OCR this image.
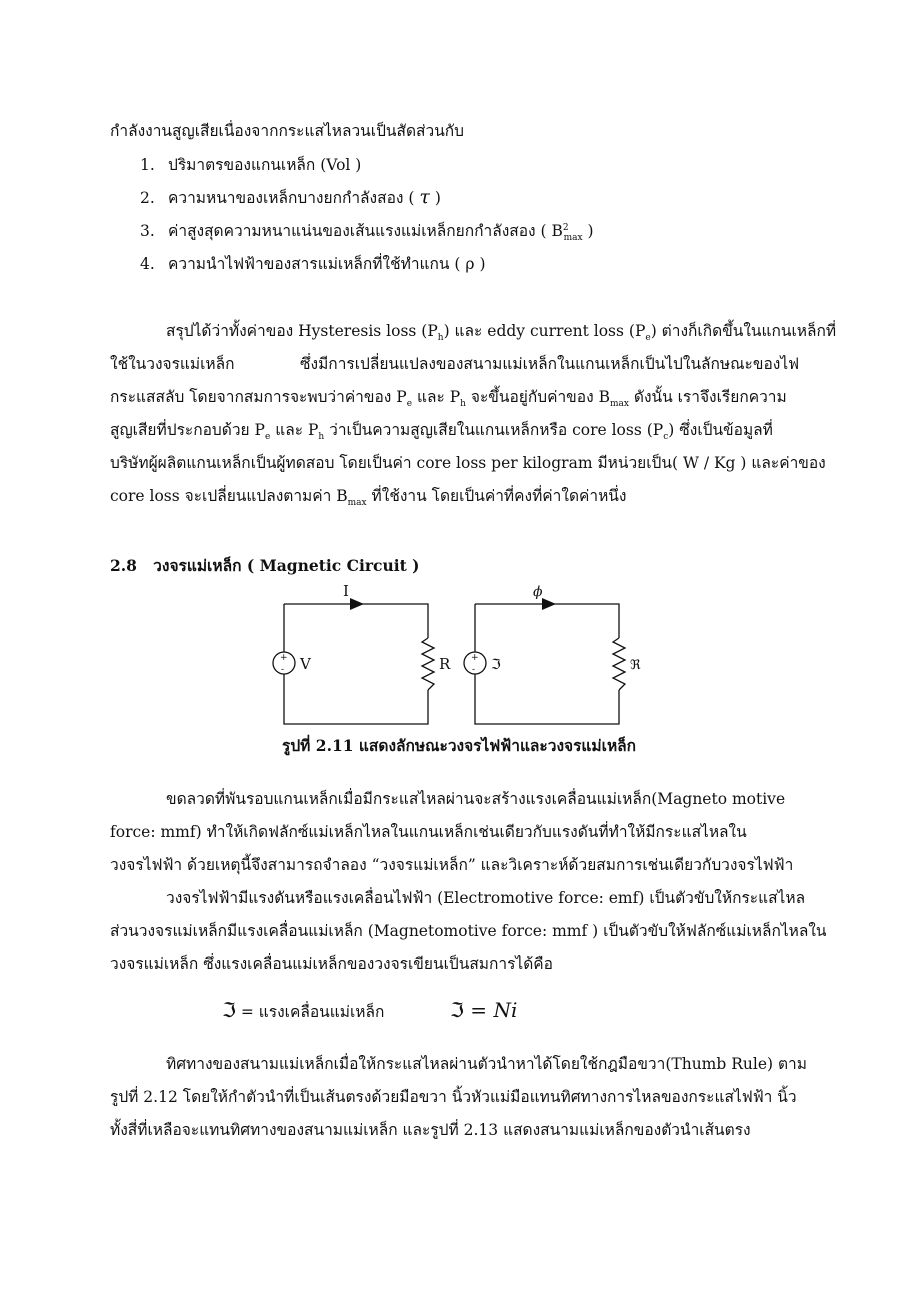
กำลังงานสูญเสียเนื่องจากกระแสไหลวนเป็นสัดส่วนกับ
1. ปริมาตรของแกนเหล็ก (Vol )
2. ความหนาของเหล็กบางยกกำลังสอง ( τ )
3. ค่าสูงสุดความหนาแน่นของเส้นแรงแม่เหล็กยกกำลังสอง ( $B^2_{max}$ )
4. ความนำไฟฟ้าของสารแม่เหล็กที่ใช้ทำแกน ( ρ )
สรุปได้ว่าทั้งค่าของ Hysteresis loss $(P_h)$ และ eddy current loss $(P_e)$ ต่างก็เกิดขึ้นในแกนเหล็กที่
ใช้ในวงจรแม่เหล็ก	ซึ่งมีการเปลี่ยนแปลงของสนามแม่เหล็กในแกนเหล็กเป็นไปในลักษณะของไฟ
กระแสสลับ โดยจากสมการจะพบว่าค่าของ $P_e$ และ $P_h$ จะขึ้นอยู่กับค่าของ $B_{max}$ ดังนั้น เราจึงเรียกความ
สูญเสียที่ประกอบด้วย $P_e$ และ $P_h$ ว่าเป็นความสูญเสียในแกนเหล็กหรือ core loss $(P_c)$ ซึ่งเป็นข้อมูลที่
บริษัทผู้ผลิตแกนเหล็กเป็นผู้ทดสอบ โดยเป็นค่า core loss per kilogram มีหน่วยเป็น( W / Kg ) และค่าของ
core loss จะเปลี่ยนแปลงตามค่า $B_{max}$ ที่ใช้งาน โดยเป็นค่าที่คงที่ค่าใดค่าหนึ่ง
2.8 วงจรแม่เหล็ก ( Magnetic Circuit )
+
-
I
V	R +
-
ϕ
ℑ	ℜ
รูปที่ 2.11 แสดงลักษณะวงจรไฟฟ้าและวงจรแม่เหล็ก
ขดลวดที่พันรอบแกนเหล็กเมื่อมีกระแสไหลผ่านจะสร้างแรงเคลื่อนแม่เหล็ก(Magneto motive
force: mmf) ทำให้เกิดฟลักซ์แม่เหล็กไหลในแกนเหล็กเช่นเดียวกับแรงดันที่ทำให้มีกระแสไหลใน
วงจรไฟฟ้า ด้วยเหตุนี้จึงสามารถจำลอง “วงจรแม่เหล็ก” และวิเคราะห์ด้วยสมการเช่นเดียวกับวงจรไฟฟ้า
วงจรไฟฟ้ามีแรงดันหรือแรงเคลื่อนไฟฟ้า (Electromotive force: emf) เป็นตัวขับให้กระแสไหล
ส่วนวงจรแม่เหล็กมีแรงเคลื่อนแม่เหล็ก (Magnetomotive force: mmf ) เป็นตัวขับให้ฟลักซ์แม่เหล็กไหลใน
วงจรแม่เหล็ก ซึ่งแรงเคลื่อนแม่เหล็กของวงจรเขียนเป็นสมการได้คือ
ℑ = แรงเคลื่อนแม่เหล็ก	ℑ = Ni
ทิศทางของสนามแม่เหล็กเมื่อให้กระแสไหลผ่านตัวนำหาได้โดยใช้กฎมือขวา(Thumb Rule) ตาม
รูปที่ 2.12 โดยให้กำตัวนำที่เป็นเส้นตรงด้วยมือขวา นิ้วหัวแม่มือแทนทิศทางการไหลของกระแสไฟฟ้า นิ้ว
ทั้งสี่ที่เหลือจะแทนทิศทางของสนามแม่เหล็ก และรูปที่ 2.13 แสดงสนามแม่เหล็กของตัวนำเส้นตรง
